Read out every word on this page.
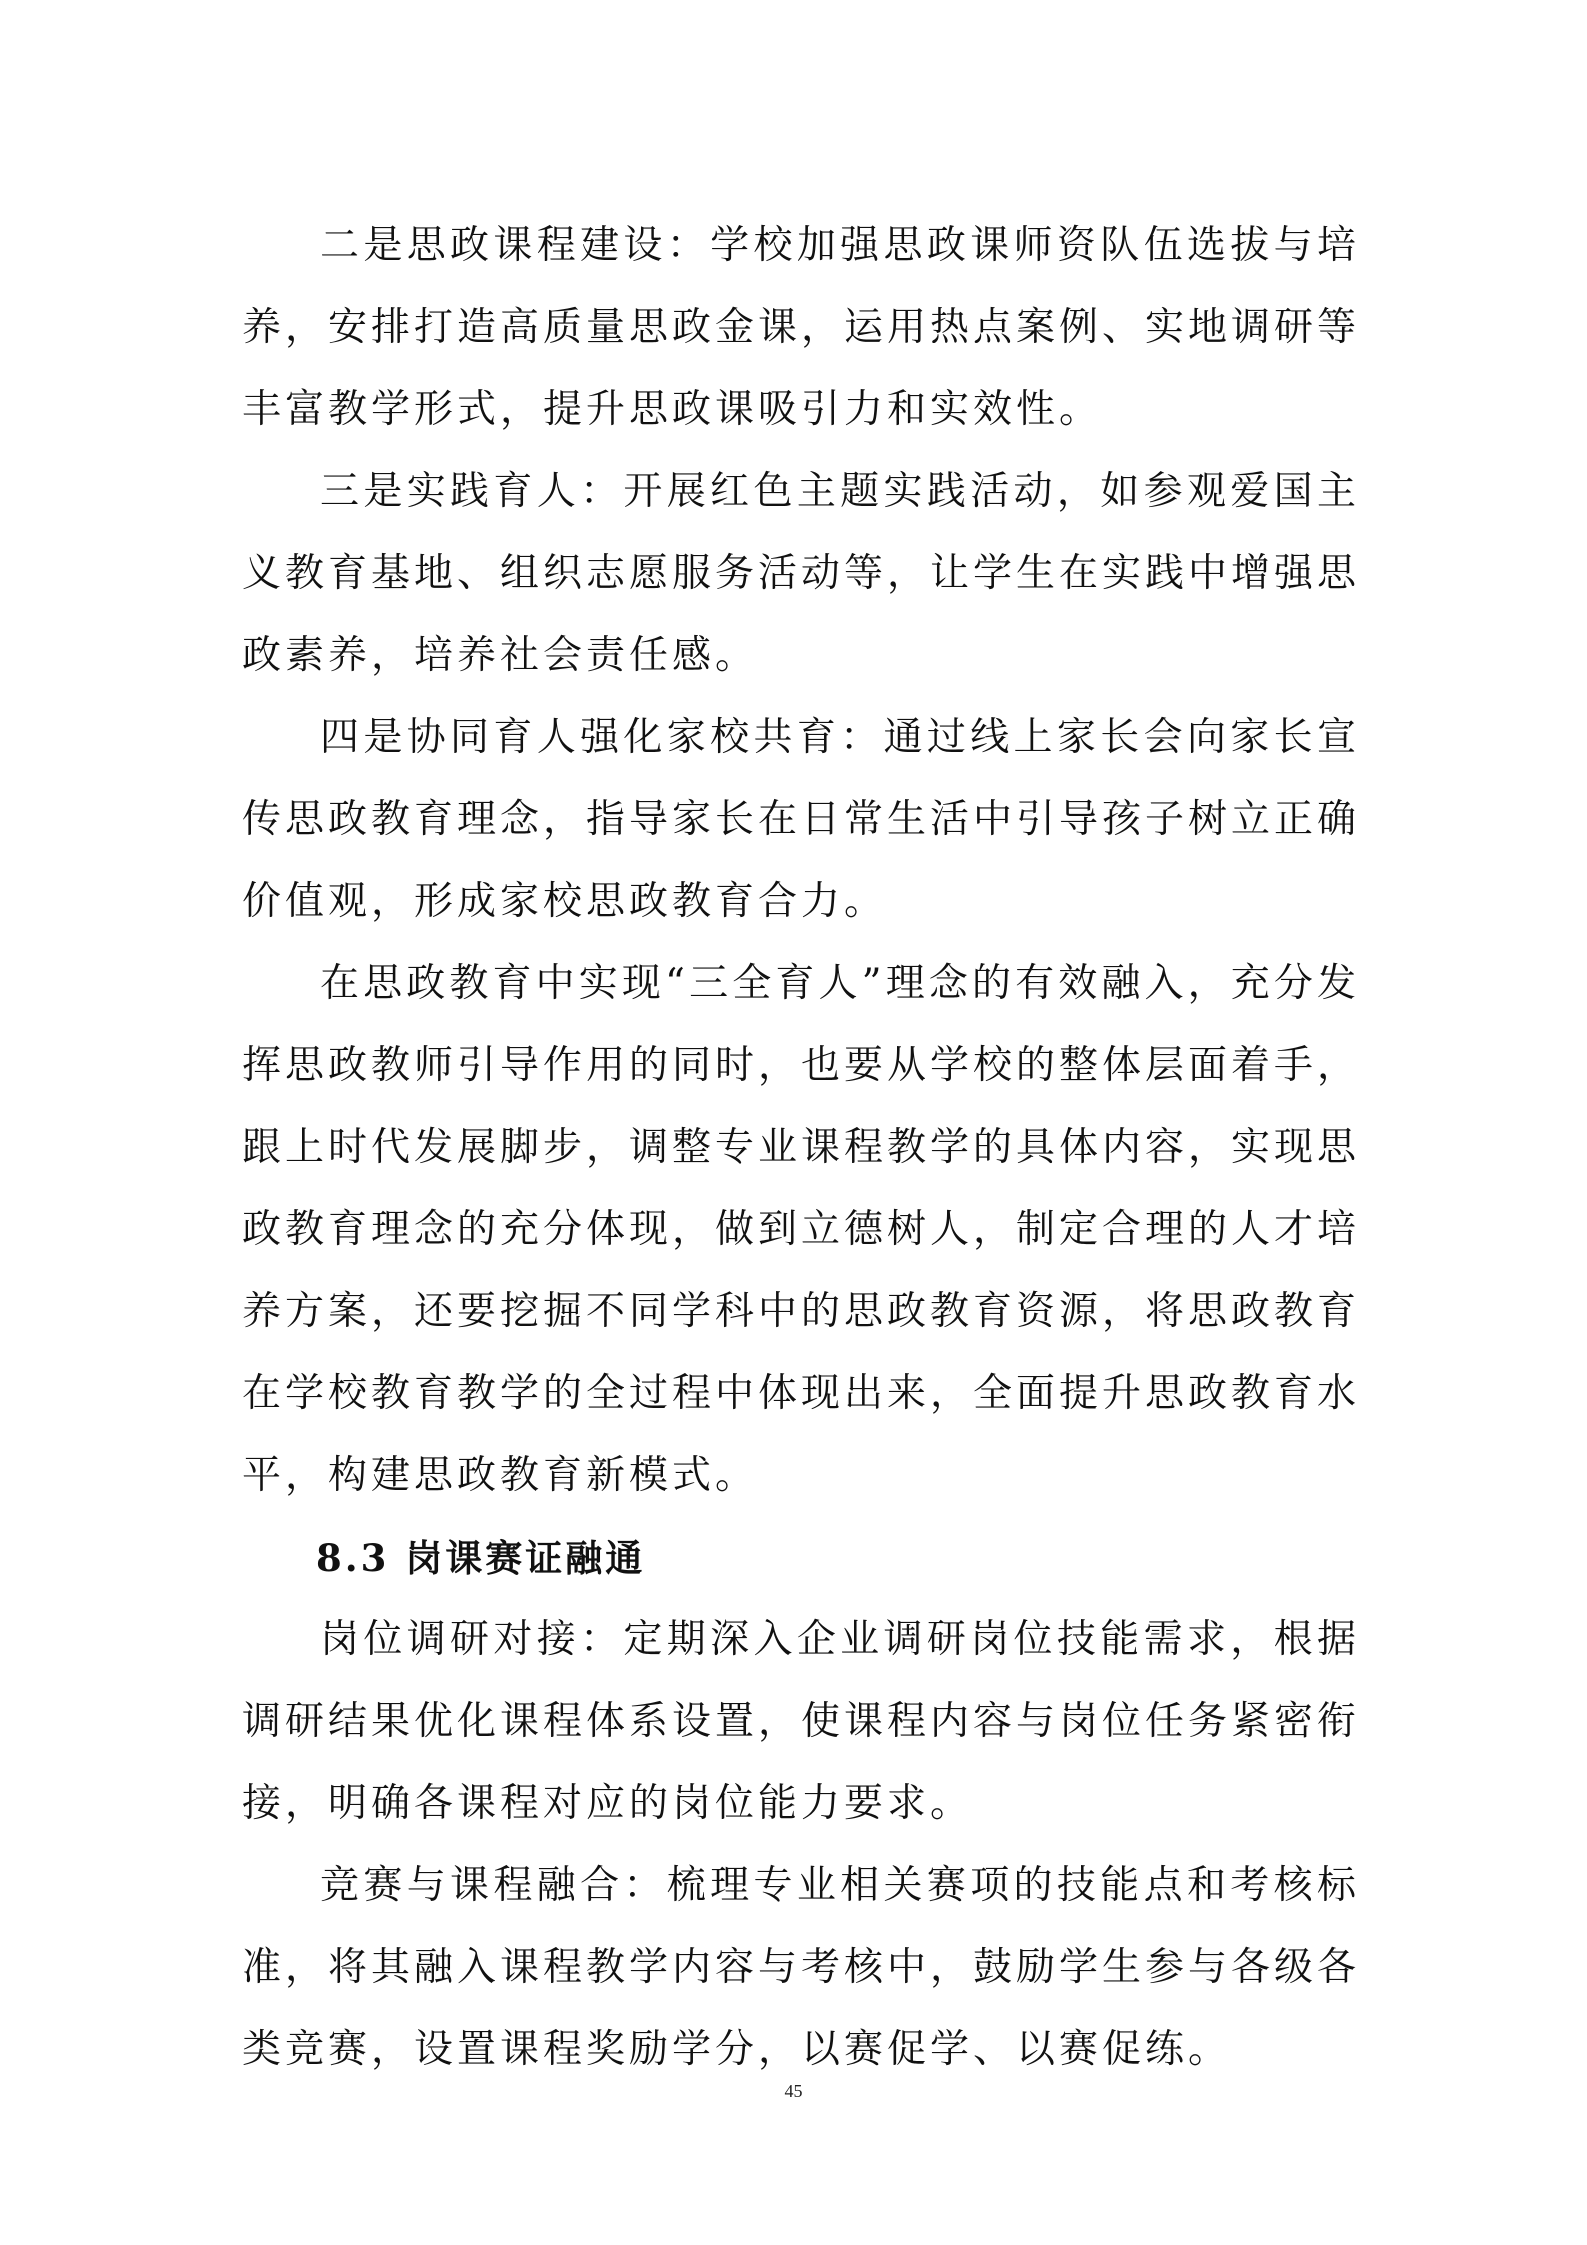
二是思政课程建设：学校加强思政课师资队伍选拔与培养，安排打造高质量思政金课，运用热点案例、实地调研等丰富教学形式，提升思政课吸引力和实效性。

三是实践育人：开展红色主题实践活动，如参观爱国主义教育基地、组织志愿服务活动等，让学生在实践中增强思政素养，培养社会责任感。

四是协同育人强化家校共育：通过线上家长会向家长宣传思政教育理念，指导家长在日常生活中引导孩子树立正确价值观，形成家校思政教育合力。

在思政教育中实现“三全育人”理念的有效融入，充分发挥思政教师引导作用的同时，也要从学校的整体层面着手，跟上时代发展脚步，调整专业课程教学的具体内容，实现思政教育理念的充分体现，做到立德树人，制定合理的人才培养方案，还要挖掘不同学科中的思政教育资源，将思政教育在学校教育教学的全过程中体现出来，全面提升思政教育水平，构建思政教育新模式。

8.3 岗课赛证融通

岗位调研对接：定期深入企业调研岗位技能需求，根据调研结果优化课程体系设置，使课程内容与岗位任务紧密衔接，明确各课程对应的岗位能力要求。

竞赛与课程融合：梳理专业相关赛项的技能点和考核标准，将其融入课程教学内容与考核中，鼓励学生参与各级各类竞赛，设置课程奖励学分，以赛促学、以赛促练。

45
